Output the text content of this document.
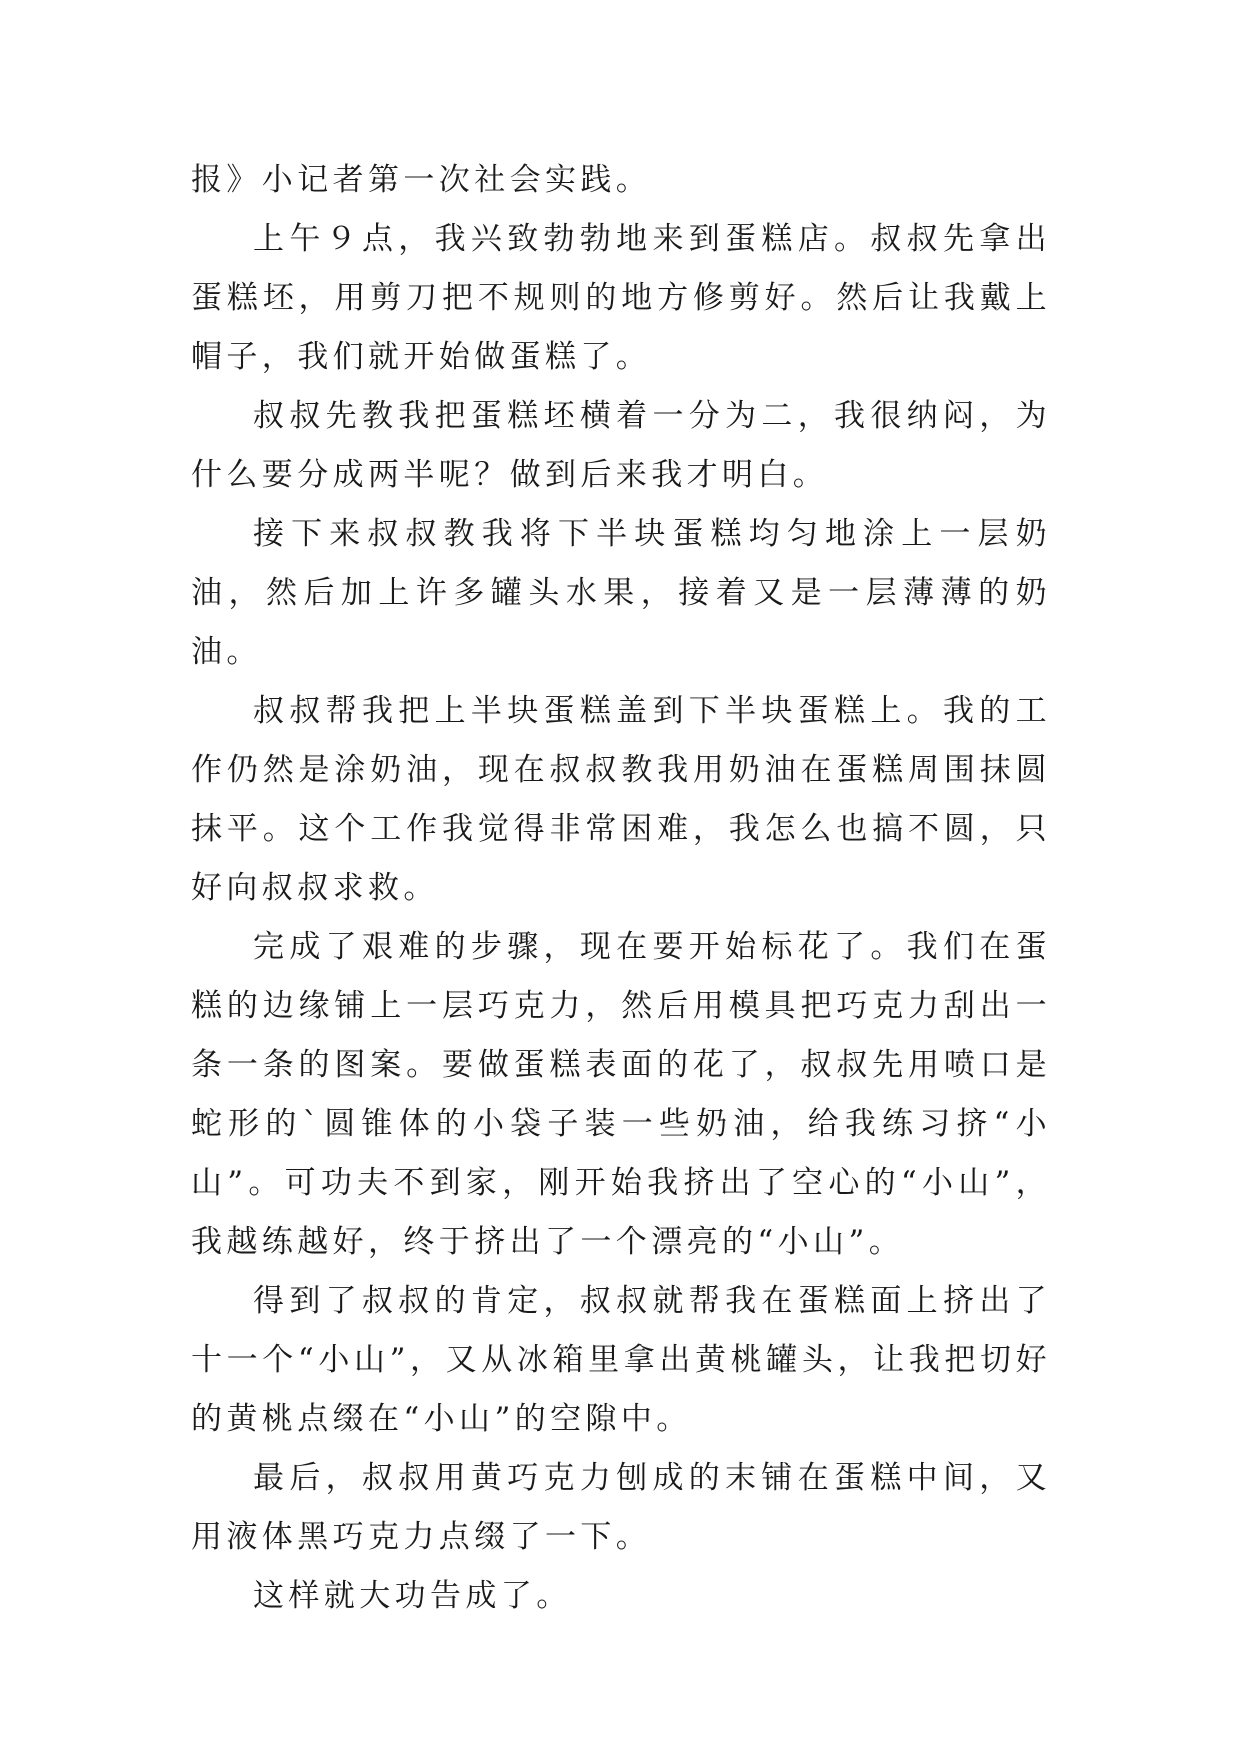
报》小记者第一次社会实践。

上午９点，我兴致勃勃地来到蛋糕店。叔叔先拿出蛋糕坯，用剪刀把不规则的地方修剪好。然后让我戴上帽子，我们就开始做蛋糕了。

叔叔先教我把蛋糕坯横着一分为二，我很纳闷，为什么要分成两半呢？做到后来我才明白。

接下来叔叔教我将下半块蛋糕均匀地涂上一层奶油，然后加上许多罐头水果，接着又是一层薄薄的奶油。

叔叔帮我把上半块蛋糕盖到下半块蛋糕上。我的工作仍然是涂奶油，现在叔叔教我用奶油在蛋糕周围抹圆抹平。这个工作我觉得非常困难，我怎么也搞不圆，只好向叔叔求救。

完成了艰难的步骤，现在要开始标花了。我们在蛋糕的边缘铺上一层巧克力，然后用模具把巧克力刮出一条一条的图案。要做蛋糕表面的花了，叔叔先用喷口是蛇形的`圆锥体的小袋子装一些奶油，给我练习挤“小山”。可功夫不到家，刚开始我挤出了空心的“小山”，我越练越好，终于挤出了一个漂亮的“小山”。

得到了叔叔的肯定，叔叔就帮我在蛋糕面上挤出了十一个“小山”，又从冰箱里拿出黄桃罐头，让我把切好的黄桃点缀在“小山”的空隙中。

最后，叔叔用黄巧克力刨成的末铺在蛋糕中间，又用液体黑巧克力点缀了一下。

这样就大功告成了。
